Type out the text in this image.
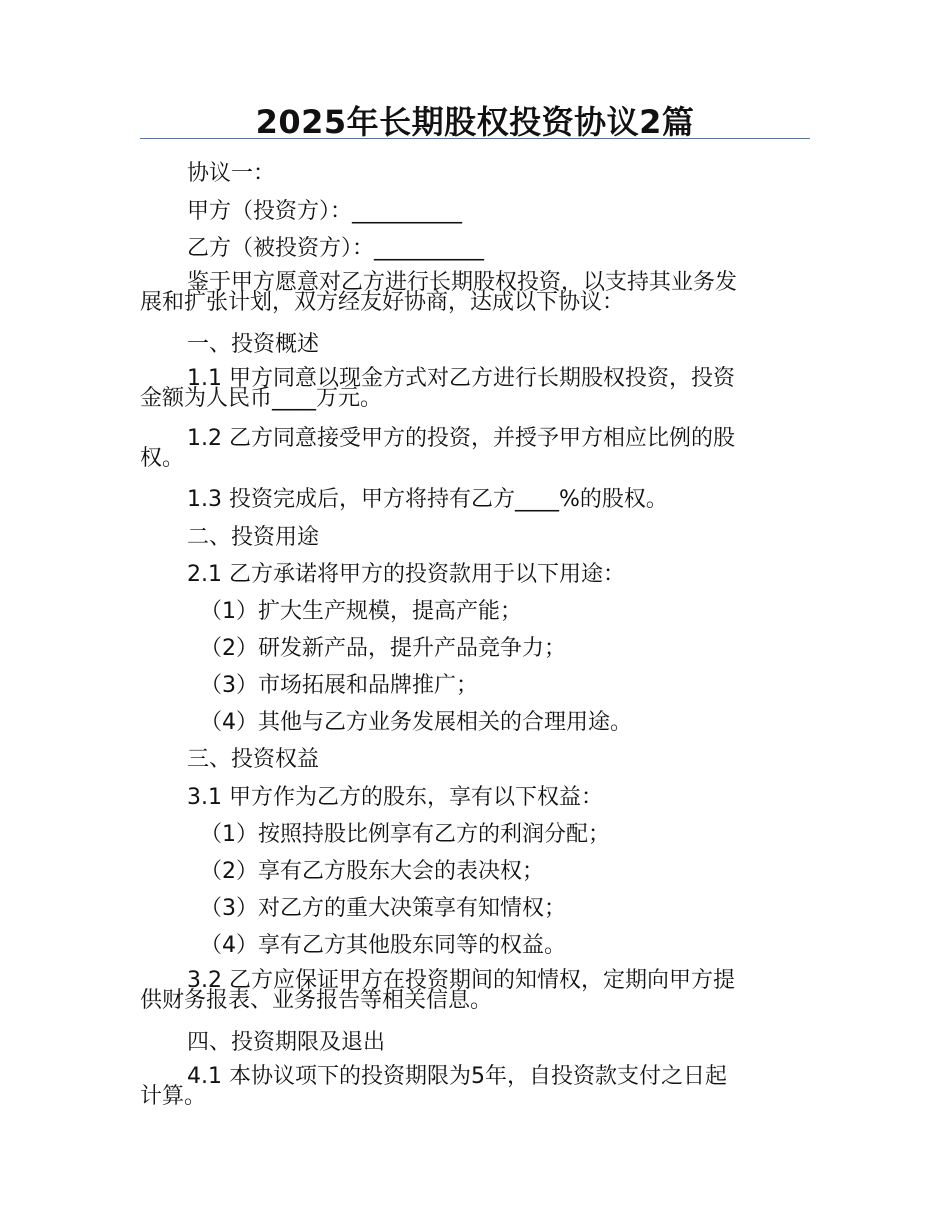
2025年长期股权投资协议2篇

协议一：

甲方（投资方）：__________

乙方（被投资方）：__________

鉴于甲方愿意对乙方进行长期股权投资，以支持其业务发
展和扩张计划，双方经友好协商，达成以下协议：

一、投资概述

1.1 甲方同意以现金方式对乙方进行长期股权投资，投资
金额为人民币____万元。
1.2 乙方同意接受甲方的投资，并授予甲方相应比例的股
权。

1.3 投资完成后，甲方将持有乙方____%的股权。

二、投资用途

2.1 乙方承诺将甲方的投资款用于以下用途：

（1）扩大生产规模，提高产能；

（2）研发新产品，提升产品竞争力；

（3）市场拓展和品牌推广；

（4）其他与乙方业务发展相关的合理用途。

三、投资权益

3.1 甲方作为乙方的股东，享有以下权益：

（1）按照持股比例享有乙方的利润分配；

（2）享有乙方股东大会的表决权；

（3）对乙方的重大决策享有知情权；

（4）享有乙方其他股东同等的权益。

3.2 乙方应保证甲方在投资期间的知情权，定期向甲方提
供财务报表、业务报告等相关信息。

四、投资期限及退出

4.1 本协议项下的投资期限为5年，自投资款支付之日起
计算。
